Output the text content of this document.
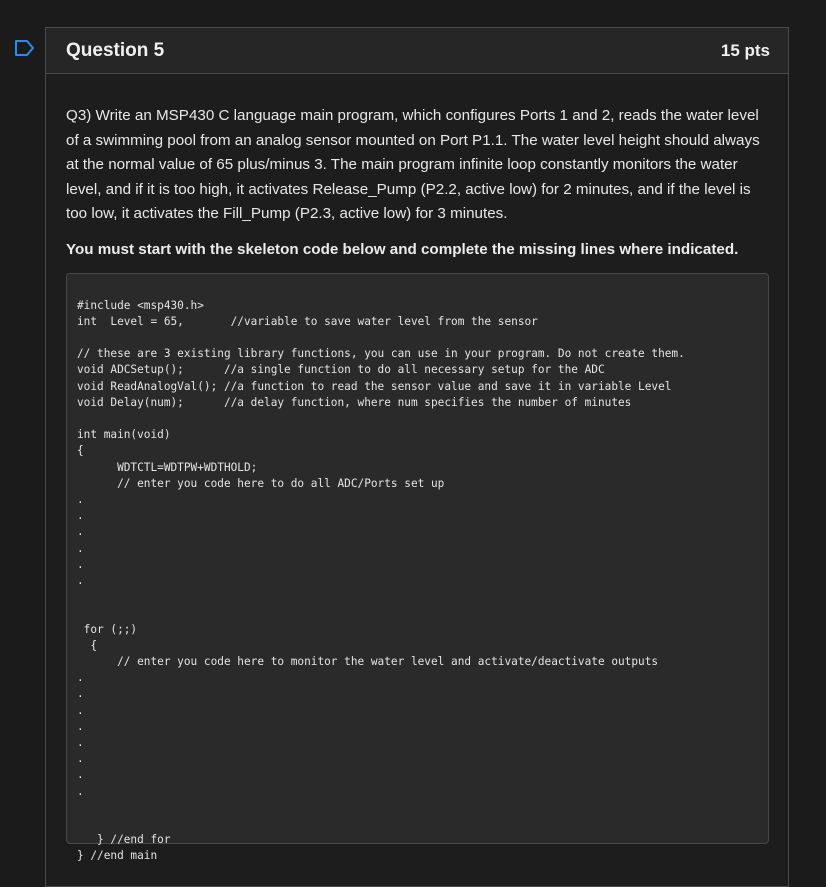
Question 5	15 pts

Q3) Write an MSP430 C language main program, which configures Ports 1 and 2, reads the water level of a swimming pool from an analog sensor mounted on Port P1.1. The water level height should always at the normal value of 65 plus/minus 3. The main program infinite loop constantly monitors the water level, and if it is too high, it activates Release_Pump (P2.2, active low) for 2 minutes, and if the level is too low, it activates the Fill_Pump (P2.3, active low) for 3 minutes.

You must start with the skeleton code below and complete the missing lines where indicated.
#include <msp430.h>
int  Level = 65,       //variable to save water level from the sensor
// these are 3 existing library functions, you can use in your program. Do not create them.
void ADCSetup();      //a single function to do all necessary setup for the ADC
void ReadAnalogVal(); //a function to read the sensor value and save it in variable Level
void Delay(num);      //a delay function, where num specifies the number of minutes
int main(void)
{
WDTCTL=WDTPW+WDTHOLD;
// enter you code here to do all ADC/Ports set up
.
.
.
.
.
.
for (;;)
{
// enter you code here to monitor the water level and activate/deactivate outputs
.
.
.
.
.
.
.
.
} //end for
} //end main
